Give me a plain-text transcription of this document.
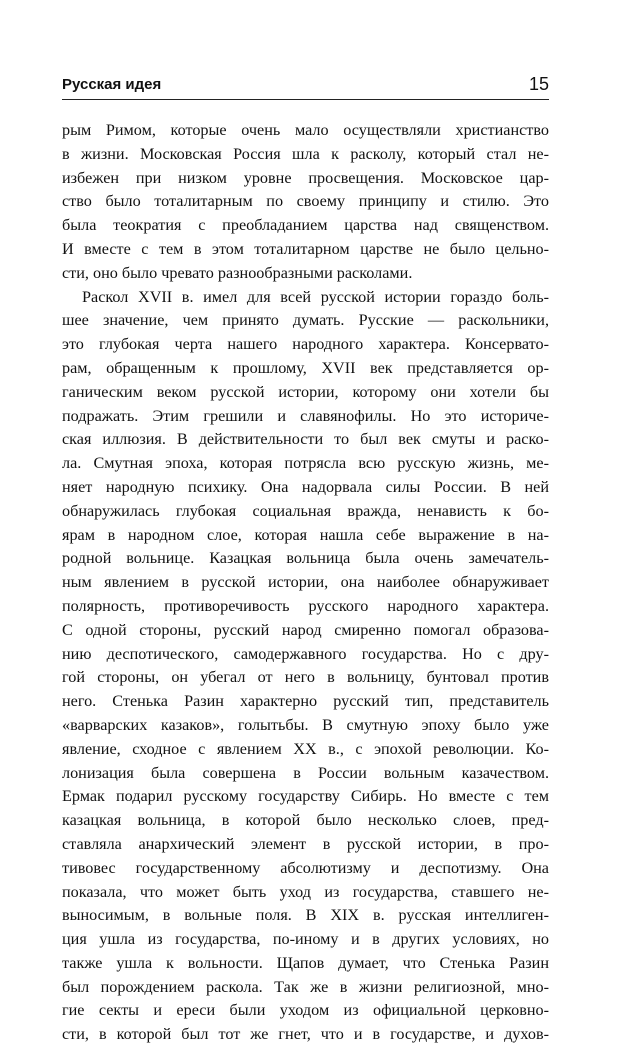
Русская идея	15
рым Римом, которые очень мало осуществляли христианство
в жизни. Московская Россия шла к расколу, который стал не-
избежен при низком уровне просвещения. Московское цар-
ство было тоталитарным по своему принципу и стилю. Это
была теократия с преобладанием царства над священством.
И вместе с тем в этом тоталитарном царстве не было цельно-
сти, оно было чревато разнообразными расколами.
Раскол XVII в. имел для всей русской истории гораздо боль-
шее значение, чем принято думать. Русские — раскольники,
это глубокая черта нашего народного характера. Консервато-
рам, обращенным к прошлому, XVII век представляется ор-
ганическим веком русской истории, которому они хотели бы
подражать. Этим грешили и славянофилы. Но это историче-
ская иллюзия. В действительности то был век смуты и раско-
ла. Смутная эпоха, которая потрясла всю русскую жизнь, ме-
няет народную психику. Она надорвала силы России. В ней
обнаружилась глубокая социальная вражда, ненависть к бо-
ярам в народном слое, которая нашла себе выражение в на-
родной вольнице. Казацкая вольница была очень замечатель-
ным явлением в русской истории, она наиболее обнаруживает
полярность, противоречивость русского народного характера.
С одной стороны, русский народ смиренно помогал образова-
нию деспотического, самодержавного государства. Но с дру-
гой стороны, он убегал от него в вольницу, бунтовал против
него. Стенька Разин характерно русский тип, представитель
«варварских казаков», голытьбы. В смутную эпоху было уже
явление, сходное с явлением XX в., с эпохой революции. Ко-
лонизация была совершена в России вольным казачеством.
Ермак подарил русскому государству Сибирь. Но вместе с тем
казацкая вольница, в которой было несколько слоев, пред-
ставляла анархический элемент в русской истории, в про-
тивовес государственному абсолютизму и деспотизму. Она
показала, что может быть уход из государства, ставшего не-
выносимым, в вольные поля. В XIX в. русская интеллиген-
ция ушла из государства, по-иному и в других условиях, но
также ушла к вольности. Щапов думает, что Стенька Разин
был порождением раскола. Так же в жизни религиозной, мно-
гие секты и ереси были уходом из официальной церковно-
сти, в которой был тот же гнет, что и в государстве, и духов-
